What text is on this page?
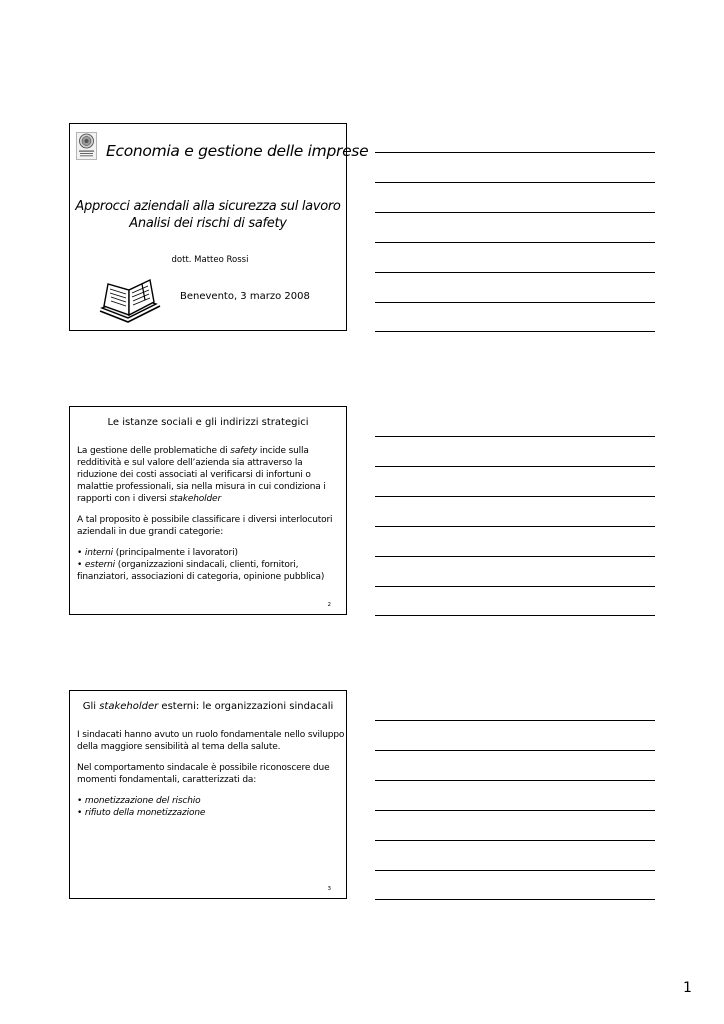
Economia e gestione delle imprese
Approcci aziendali alla sicurezza sul lavoro
Analisi dei rischi di safety
dott. Matteo Rossi
Benevento, 3 marzo 2008
Le istanze sociali e gli indirizzi strategici

La gestione delle problematiche di safety incide sulla redditività e sul valore dell’azienda sia attraverso la riduzione dei costi associati al verificarsi di infortuni o malattie professionali, sia nella misura in cui condiziona i rapporti con i diversi stakeholder

A tal proposito è possibile classificare i diversi interlocutori aziendali in due grandi categorie:

• interni (principalmente i lavoratori)
• esterni (organizzazioni sindacali, clienti, fornitori, finanziatori, associazioni di categoria, opinione pubblica)
2
Gli stakeholder esterni: le organizzazioni sindacali

I sindacati hanno avuto un ruolo fondamentale nello sviluppo della maggiore sensibilità al tema della salute.

Nel comportamento sindacale è possibile riconoscere due momenti fondamentali, caratterizzati da:

• monetizzazione del rischio
• rifiuto della monetizzazione
3
1
